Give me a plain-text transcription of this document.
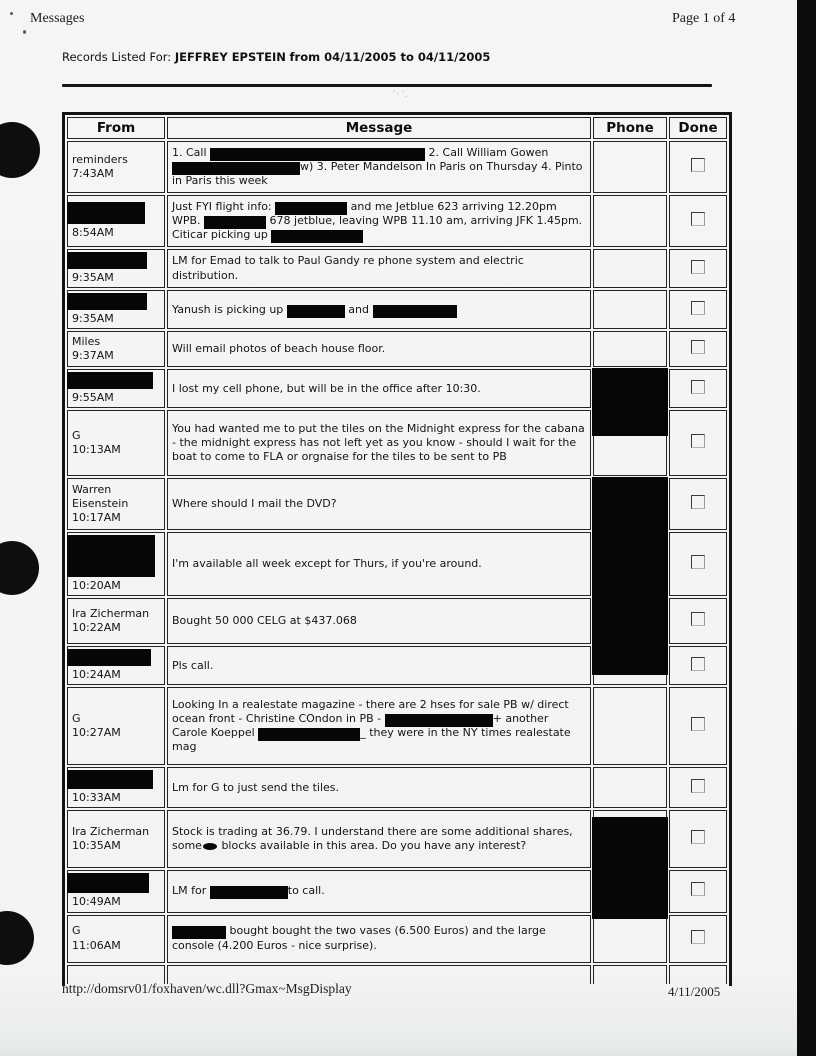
′⋅′․
Messages	Page 1 of 4
Records Listed For: JEFFREY EPSTEIN from 04/11/2005 to 04/11/2005
From	Message	Phone	Done

reminders
7:43AM	1. Call 2. Call William Gowen w) 3. Peter Mandelson In Paris on Thursday 4. Pinto in Paris this week		

8:54AM	Just FYI flight info: and me Jetblue 623 arriving 12.20pm WPB. 678 jetblue, leaving WPB 11.10 am, arriving JFK 1.45pm. Citicar picking up		

9:35AM	LM for Emad to talk to Paul Gandy re phone system and electric distribution.		

9:35AM	Yanush is picking up and		

Miles
9:37AM	Will email photos of beach house floor.		

9:55AM	I lost my cell phone, but will be in the office after 10:30.	

G
10:13AM	You had wanted me to put the tiles on the Midnight express for the cabana - the midnight express has not left yet as you know - should I wait for the boat to come to FLA or orgnaise for the tiles to be sent to PB		

Warren Eisenstein
10:17AM	Where should I mail the DVD?	

10:20AM	I'm available all week except for Thurs, if you're around.		

Ira Zicherman
10:22AM	Bought 50 000 CELG at $437.068		

10:24AM	Pls call.		

G
10:27AM	Looking In a realestate magazine - there are 2 hses for sale PB w/ direct ocean front - Christine COndon in PB - + another Carole Koeppel _ they were in the NY times realestate mag		

10:33AM	Lm for G to just send the tiles.		

Ira Zicherman
10:35AM	Stock is trading at 36.79. I understand there are some additional shares, some blocks available in this area. Do you have any interest?	

10:49AM	LM for to call.		

G
11:06AM	bought bought the two vases (6.500 Euros) and the large console (4.200 Euros - nice surprise).		

http://domsrv01/foxhaven/wc.dll?Gmax~MsgDisplay	4/11/2005
